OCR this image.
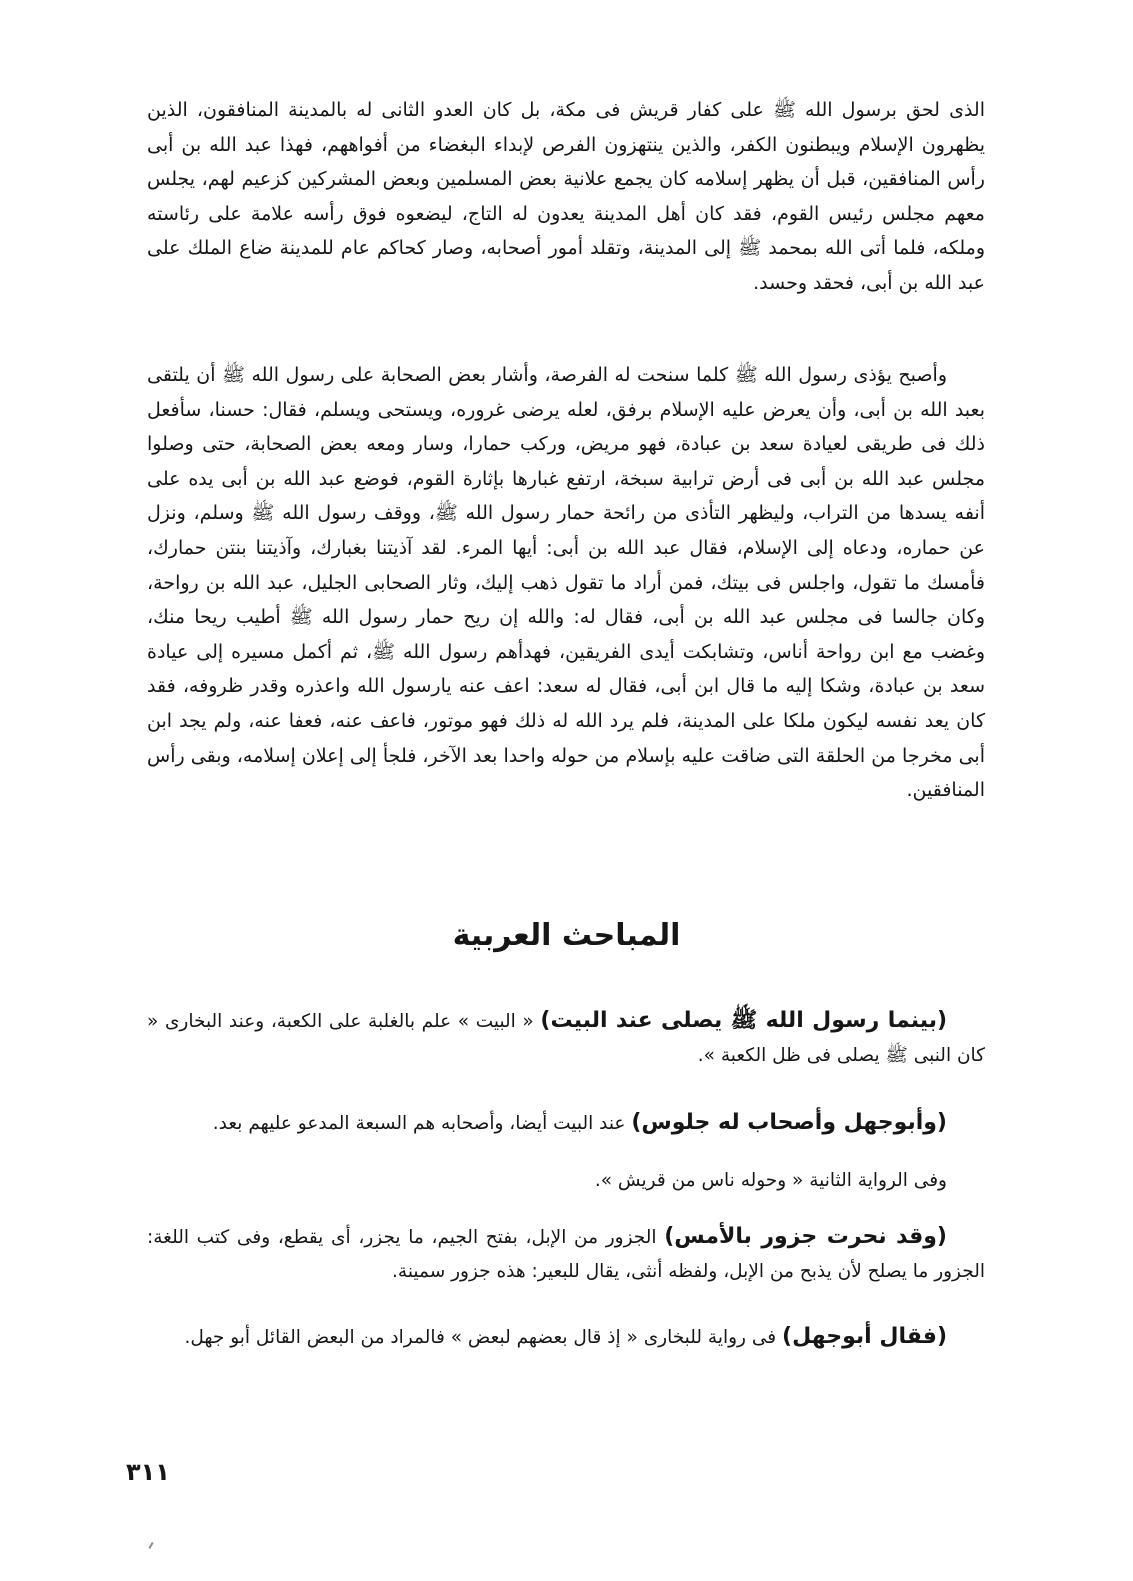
الذى لحق برسول الله ﷺ على كفار قريش فى مكة، بل كان العدو الثانى له بالمدينة المنافقون، الذين يظهرون الإسلام ويبطنون الكفر، والذين ينتهزون الفرص لإبداء البغضاء من أفواههم، فهذا عبد الله بن أبى رأس المنافقين، قبل أن يظهر إسلامه كان يجمع علانية بعض المسلمين وبعض المشركين كزعيم لهم، يجلس معهم مجلس رئيس القوم، فقد كان أهل المدينة يعدون له التاج، ليضعوه فوق رأسه علامة على رئاسته وملكه، فلما أتى الله بمحمد ﷺ إلى المدينة، وتقلد أمور أصحابه، وصار كحاكم عام للمدينة ضاع الملك على عبد الله بن أبى، فحقد وحسد.

وأصبح يؤذى رسول الله ﷺ كلما سنحت له الفرصة، وأشار بعض الصحابة على رسول الله ﷺ أن يلتقى بعبد الله بن أبى، وأن يعرض عليه الإسلام برفق، لعله يرضى غروره، ويستحى ويسلم، فقال: حسنا، سأفعل ذلك فى طريقى لعيادة سعد بن عبادة، فهو مريض، وركب حمارا، وسار ومعه بعض الصحابة، حتى وصلوا مجلس عبد الله بن أبى فى أرض ترابية سبخة، ارتفع غبارها بإثارة القوم، فوضع عبد الله بن أبى يده على أنفه يسدها من التراب، وليظهر التأذى من رائحة حمار رسول الله ﷺ، ووقف رسول الله ﷺ وسلم، ونزل عن حماره، ودعاه إلى الإسلام، فقال عبد الله بن أبى: أيها المرء. لقد آذيتنا بغبارك، وآذيتنا بنتن حمارك، فأمسك ما تقول، واجلس فى بيتك، فمن أراد ما تقول ذهب إليك، وثار الصحابى الجليل، عبد الله بن رواحة، وكان جالسا فى مجلس عبد الله بن أبى، فقال له: والله إن ريح حمار رسول الله ﷺ أطيب ريحا منك، وغضب مع ابن رواحة أناس، وتشابكت أيدى الفريقين، فهدأهم رسول الله ﷺ، ثم أكمل مسيره إلى عيادة سعد بن عبادة، وشكا إليه ما قال ابن أبى، فقال له سعد: اعف عنه يارسول الله واعذره وقدر ظروفه، فقد كان يعد نفسه ليكون ملكا على المدينة، فلم يرد الله له ذلك فهو موتور، فاعف عنه، فعفا عنه، ولم يجد ابن أبى مخرجا من الحلقة التى ضاقت عليه بإسلام من حوله واحدا بعد الآخر، فلجأ إلى إعلان إسلامه، وبقى رأس المنافقين.

المباحث العربية

(بينما رسول الله ﷺ يصلى عند البيت) « البيت » علم بالغلبة على الكعبة، وعند البخارى « كان النبى ﷺ يصلى فى ظل الكعبة ».

(وأبوجهل وأصحاب له جلوس) عند البيت أيضا، وأصحابه هم السبعة المدعو عليهم بعد.

وفى الرواية الثانية « وحوله ناس من قريش ».

(وقد نحرت جزور بالأمس) الجزور من الإبل، بفتح الجيم، ما يجزر، أى يقطع، وفى كتب اللغة: الجزور ما يصلح لأن يذبح من الإبل، ولفظه أنثى، يقال للبعير: هذه جزور سمينة.

(فقال أبوجهل) فى رواية للبخارى « إذ قال بعضهم لبعض » فالمراد من البعض القائل أبو جهل.

٣١١
